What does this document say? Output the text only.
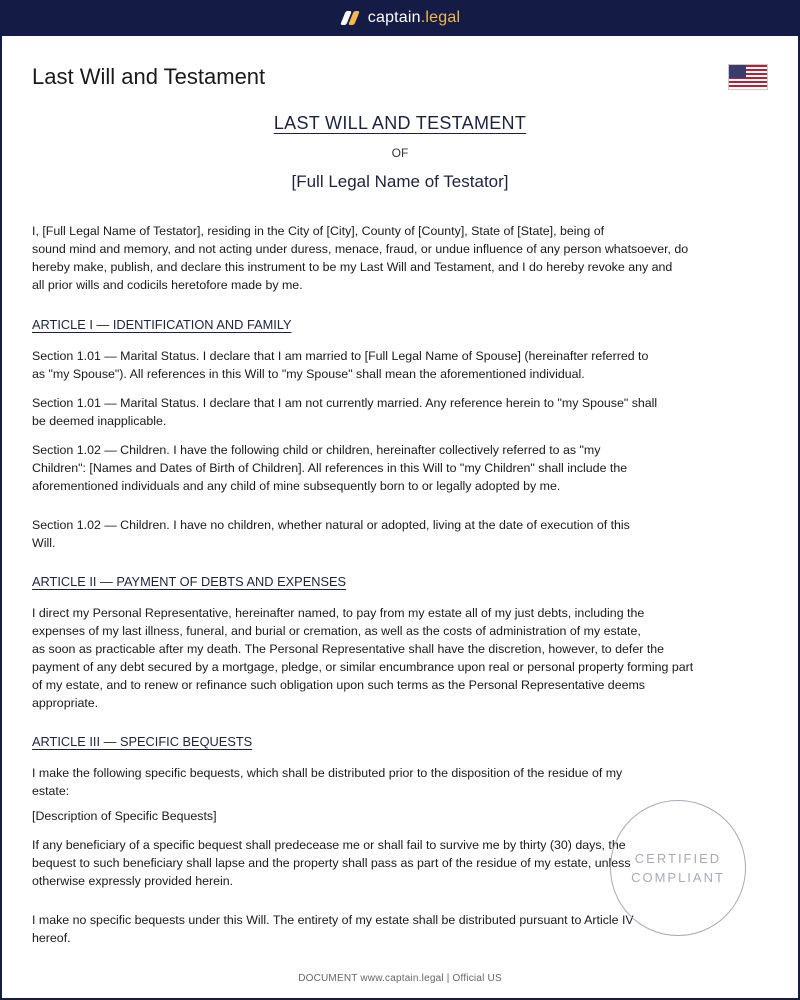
captain.legal
Last Will and Testament
LAST WILL AND TESTAMENT
OF
[Full Legal Name of Testator]
I, [Full Legal Name of Testator], residing in the City of [City], County of [County], State of [State], being of
sound mind and memory, and not acting under duress, menace, fraud, or undue influence of any person whatsoever, do
hereby make, publish, and declare this instrument to be my Last Will and Testament, and I do hereby revoke any and
all prior wills and codicils heretofore made by me.
ARTICLE I — IDENTIFICATION AND FAMILY
Section 1.01 — Marital Status. I declare that I am married to [Full Legal Name of Spouse] (hereinafter referred to
as "my Spouse"). All references in this Will to "my Spouse" shall mean the aforementioned individual.
Section 1.01 — Marital Status. I declare that I am not currently married. Any reference herein to "my Spouse" shall
be deemed inapplicable.
Section 1.02 — Children. I have the following child or children, hereinafter collectively referred to as "my
Children": [Names and Dates of Birth of Children]. All references in this Will to "my Children" shall include the
aforementioned individuals and any child of mine subsequently born to or legally adopted by me.
Section 1.02 — Children. I have no children, whether natural or adopted, living at the date of execution of this
Will.
ARTICLE II — PAYMENT OF DEBTS AND EXPENSES
I direct my Personal Representative, hereinafter named, to pay from my estate all of my just debts, including the
expenses of my last illness, funeral, and burial or cremation, as well as the costs of administration of my estate,
as soon as practicable after my death. The Personal Representative shall have the discretion, however, to defer the
payment of any debt secured by a mortgage, pledge, or similar encumbrance upon real or personal property forming part
of my estate, and to renew or refinance such obligation upon such terms as the Personal Representative deems
appropriate.
ARTICLE III — SPECIFIC BEQUESTS
I make the following specific bequests, which shall be distributed prior to the disposition of the residue of my
estate:
[Description of Specific Bequests]
If any beneficiary of a specific bequest shall predecease me or shall fail to survive me by thirty (30) days, the
bequest to such beneficiary shall lapse and the property shall pass as part of the residue of my estate, unless
otherwise expressly provided herein.
I make no specific bequests under this Will. The entirety of my estate shall be distributed pursuant to Article IV
hereof.
CERTIFIED
COMPLIANT
DOCUMENT www.captain.legal | Official US
